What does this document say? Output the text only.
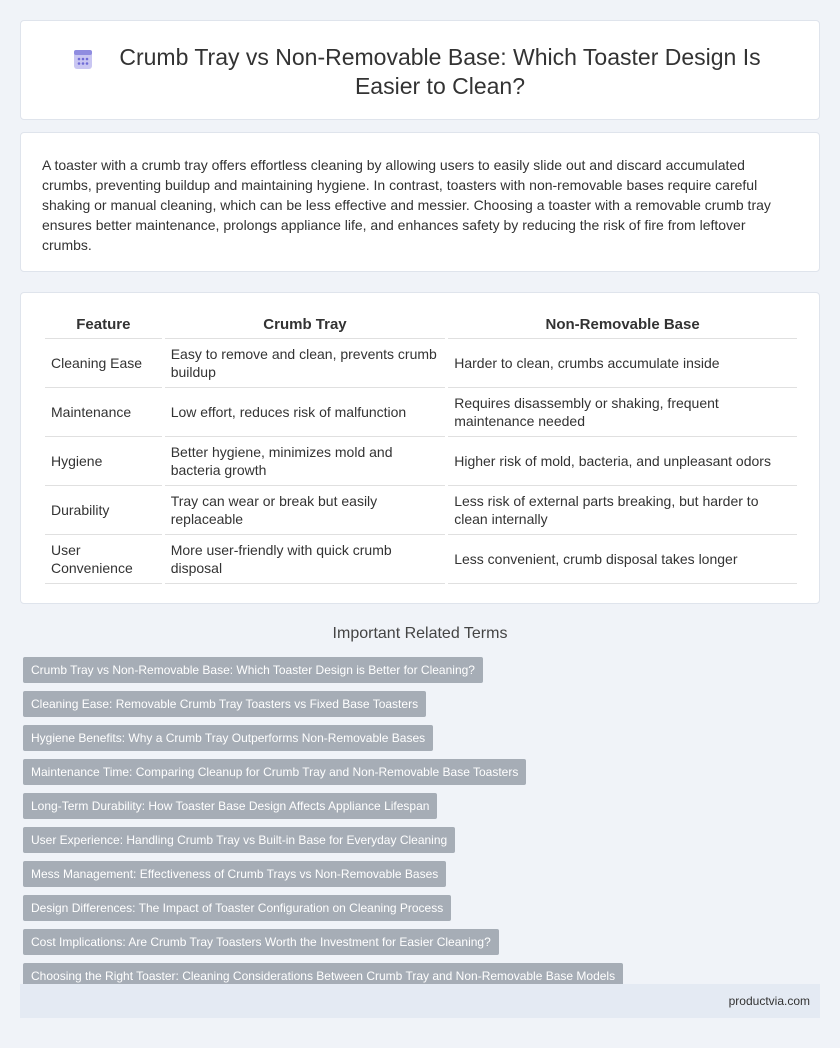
Crumb Tray vs Non-Removable Base: Which Toaster Design Is Easier to Clean?

A toaster with a crumb tray offers effortless cleaning by allowing users to easily slide out and discard accumulated crumbs, preventing buildup and maintaining hygiene. In contrast, toasters with non-removable bases require careful shaking or manual cleaning, which can be less effective and messier. Choosing a toaster with a removable crumb tray ensures better maintenance, prolongs appliance life, and enhances safety by reducing the risk of fire from leftover crumbs.

Feature	Crumb Tray	Non-Removable Base
Cleaning Ease	Easy to remove and clean, prevents crumb buildup	Harder to clean, crumbs accumulate inside
Maintenance	Low effort, reduces risk of malfunction	Requires disassembly or shaking, frequent maintenance needed
Hygiene	Better hygiene, minimizes mold and bacteria growth	Higher risk of mold, bacteria, and unpleasant odors
Durability	Tray can wear or break but easily replaceable	Less risk of external parts breaking, but harder to clean internally
User Convenience	More user-friendly with quick crumb disposal	Less convenient, crumb disposal takes longer
Important Related Terms
Crumb Tray vs Non-Removable Base: Which Toaster Design is Better for Cleaning?
Cleaning Ease: Removable Crumb Tray Toasters vs Fixed Base Toasters
Hygiene Benefits: Why a Crumb Tray Outperforms Non-Removable Bases
Maintenance Time: Comparing Cleanup for Crumb Tray and Non-Removable Base Toasters
Long-Term Durability: How Toaster Base Design Affects Appliance Lifespan
User Experience: Handling Crumb Tray vs Built-in Base for Everyday Cleaning
Mess Management: Effectiveness of Crumb Trays vs Non-Removable Bases
Design Differences: The Impact of Toaster Configuration on Cleaning Process
Cost Implications: Are Crumb Tray Toasters Worth the Investment for Easier Cleaning?
Choosing the Right Toaster: Cleaning Considerations Between Crumb Tray and Non-Removable Base Models
productvia.com
